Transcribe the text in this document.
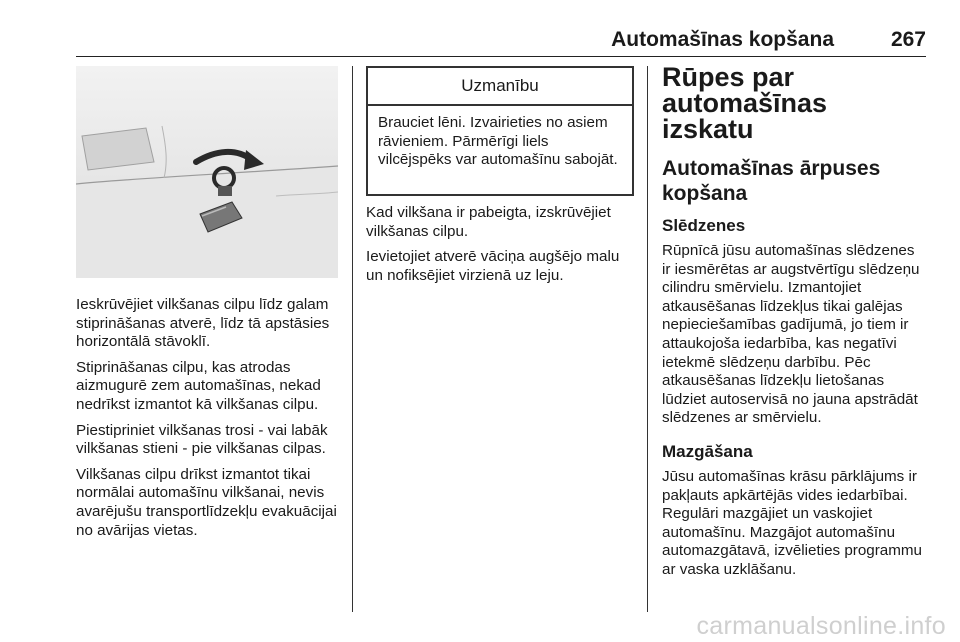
Automašīnas kopšana	267

Ieskrūvējiet vilkšanas cilpu līdz galam stiprināšanas atverē, līdz tā apstāsies horizontālā stāvoklī.

Stiprināšanas cilpu, kas atrodas aizmugurē zem automašīnas, nekad nedrīkst izmantot kā vilkšanas cilpu.

Piestipriniet vilkšanas trosi - vai labāk vilkšanas stieni - pie vilkšanas cilpas.

Vilkšanas cilpu drīkst izmantot tikai normālai automašīnu vilkšanai, nevis avarējušu transportlīdzekļu evakuācijai no avārijas vietas.

Uzmanību
Brauciet lēni. Izvairieties no asiem rāvieniem. Pārmērīgi liels vilcējspēks var automašīnu sabojāt.

Kad vilkšana ir pabeigta, izskrūvējiet vilkšanas cilpu.

Ievietojiet atverē vāciņa augšējo malu un nofiksējiet virzienā uz leju.

Rūpes par automašīnas izskatu
Automašīnas ārpuses kopšana
Slēdzenes

Rūpnīcā jūsu automašīnas slēdzenes ir iesmērētas ar augstvērtīgu slēdzeņu cilindru smērvielu. Izmantojiet atkausēšanas līdzekļus tikai galējas nepieciešamības gadījumā, jo tiem ir attaukojoša iedarbība, kas negatīvi ietekmē slēdzeņu darbību. Pēc atkausēšanas līdzekļu lietošanas lūdziet autoservisā no jauna apstrādāt slēdzenes ar smērvielu.

Mazgāšana

Jūsu automašīnas krāsu pārklājums ir pakļauts apkārtējās vides iedarbībai. Regulāri mazgājiet un vaskojiet automašīnu. Mazgājot automašīnu automazgātavā, izvēlieties programmu ar vaska uzklāšanu.

carmanualsonline.info
